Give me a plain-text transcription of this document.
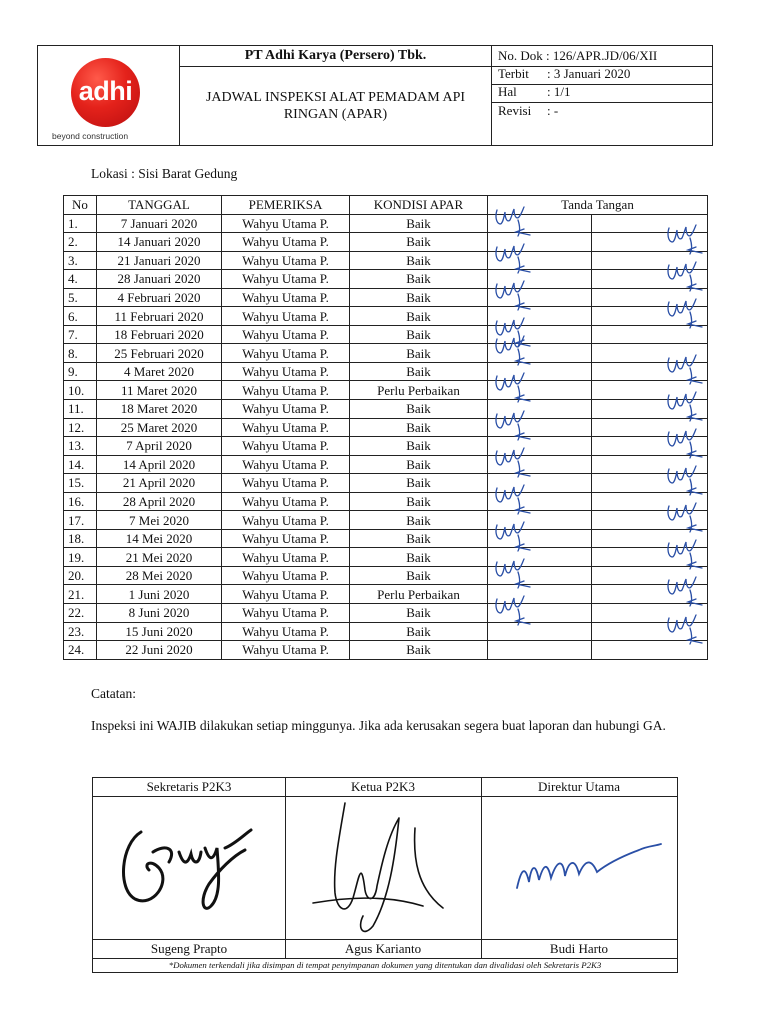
adhi
beyond construction
PT Adhi Karya (Persero) Tbk.
JADWAL INSPEKSI ALAT PEMADAM API RINGAN (APAR)
No. Dok : 126/APR.JD/06/XII
Terbit : 3 Januari 2020
Hal : 1/1
Revisi : -
Lokasi : Sisi Barat Gedung
No	TANGGAL	PEMERIKSA	KONDISI APAR	Tanda Tangan	
1.	7 Januari 2020	Wahyu Utama P.	Baik	

2.	14 Januari 2020	Wahyu Utama P.	Baik		

3.	21 Januari 2020	Wahyu Utama P.	Baik	

4.	28 Januari 2020	Wahyu Utama P.	Baik		

5.	4 Februari 2020	Wahyu Utama P.	Baik	

6.	11 Februari 2020	Wahyu Utama P.	Baik		

7.	18 Februari 2020	Wahyu Utama P.	Baik	

8.	25 Februari 2020	Wahyu Utama P.	Baik	

9.	4 Maret 2020	Wahyu Utama P.	Baik		

10.	11 Maret 2020	Wahyu Utama P.	Perlu Perbaikan	

11.	18 Maret 2020	Wahyu Utama P.	Baik		

12.	25 Maret 2020	Wahyu Utama P.	Baik	

13.	7 April 2020	Wahyu Utama P.	Baik		

14.	14 April 2020	Wahyu Utama P.	Baik	

15.	21 April 2020	Wahyu Utama P.	Baik		

16.	28 April 2020	Wahyu Utama P.	Baik	

17.	7 Mei 2020	Wahyu Utama P.	Baik		

18.	14 Mei 2020	Wahyu Utama P.	Baik	

19.	21 Mei 2020	Wahyu Utama P.	Baik		

20.	28 Mei 2020	Wahyu Utama P.	Baik	

21.	1 Juni 2020	Wahyu Utama P.	Perlu Perbaikan		

22.	8 Juni 2020	Wahyu Utama P.	Baik	

23.	15 Juni 2020	Wahyu Utama P.	Baik		

24.	22 Juni 2020	Wahyu Utama P.	Baik		
Catatan:
Inspeksi ini WAJIB dilakukan setiap minggunya. Jika ada kerusakan segera buat laporan dan hubungi GA.
Sekretaris P2K3	Ketua P2K3	Direktur Utama
Sugeng Prapto	Agus Karianto	Budi Harto
*Dokumen terkendali jika disimpan di tempat penyimpanan dokumen yang ditentukan dan divalidasi oleh Sekretaris P2K3
